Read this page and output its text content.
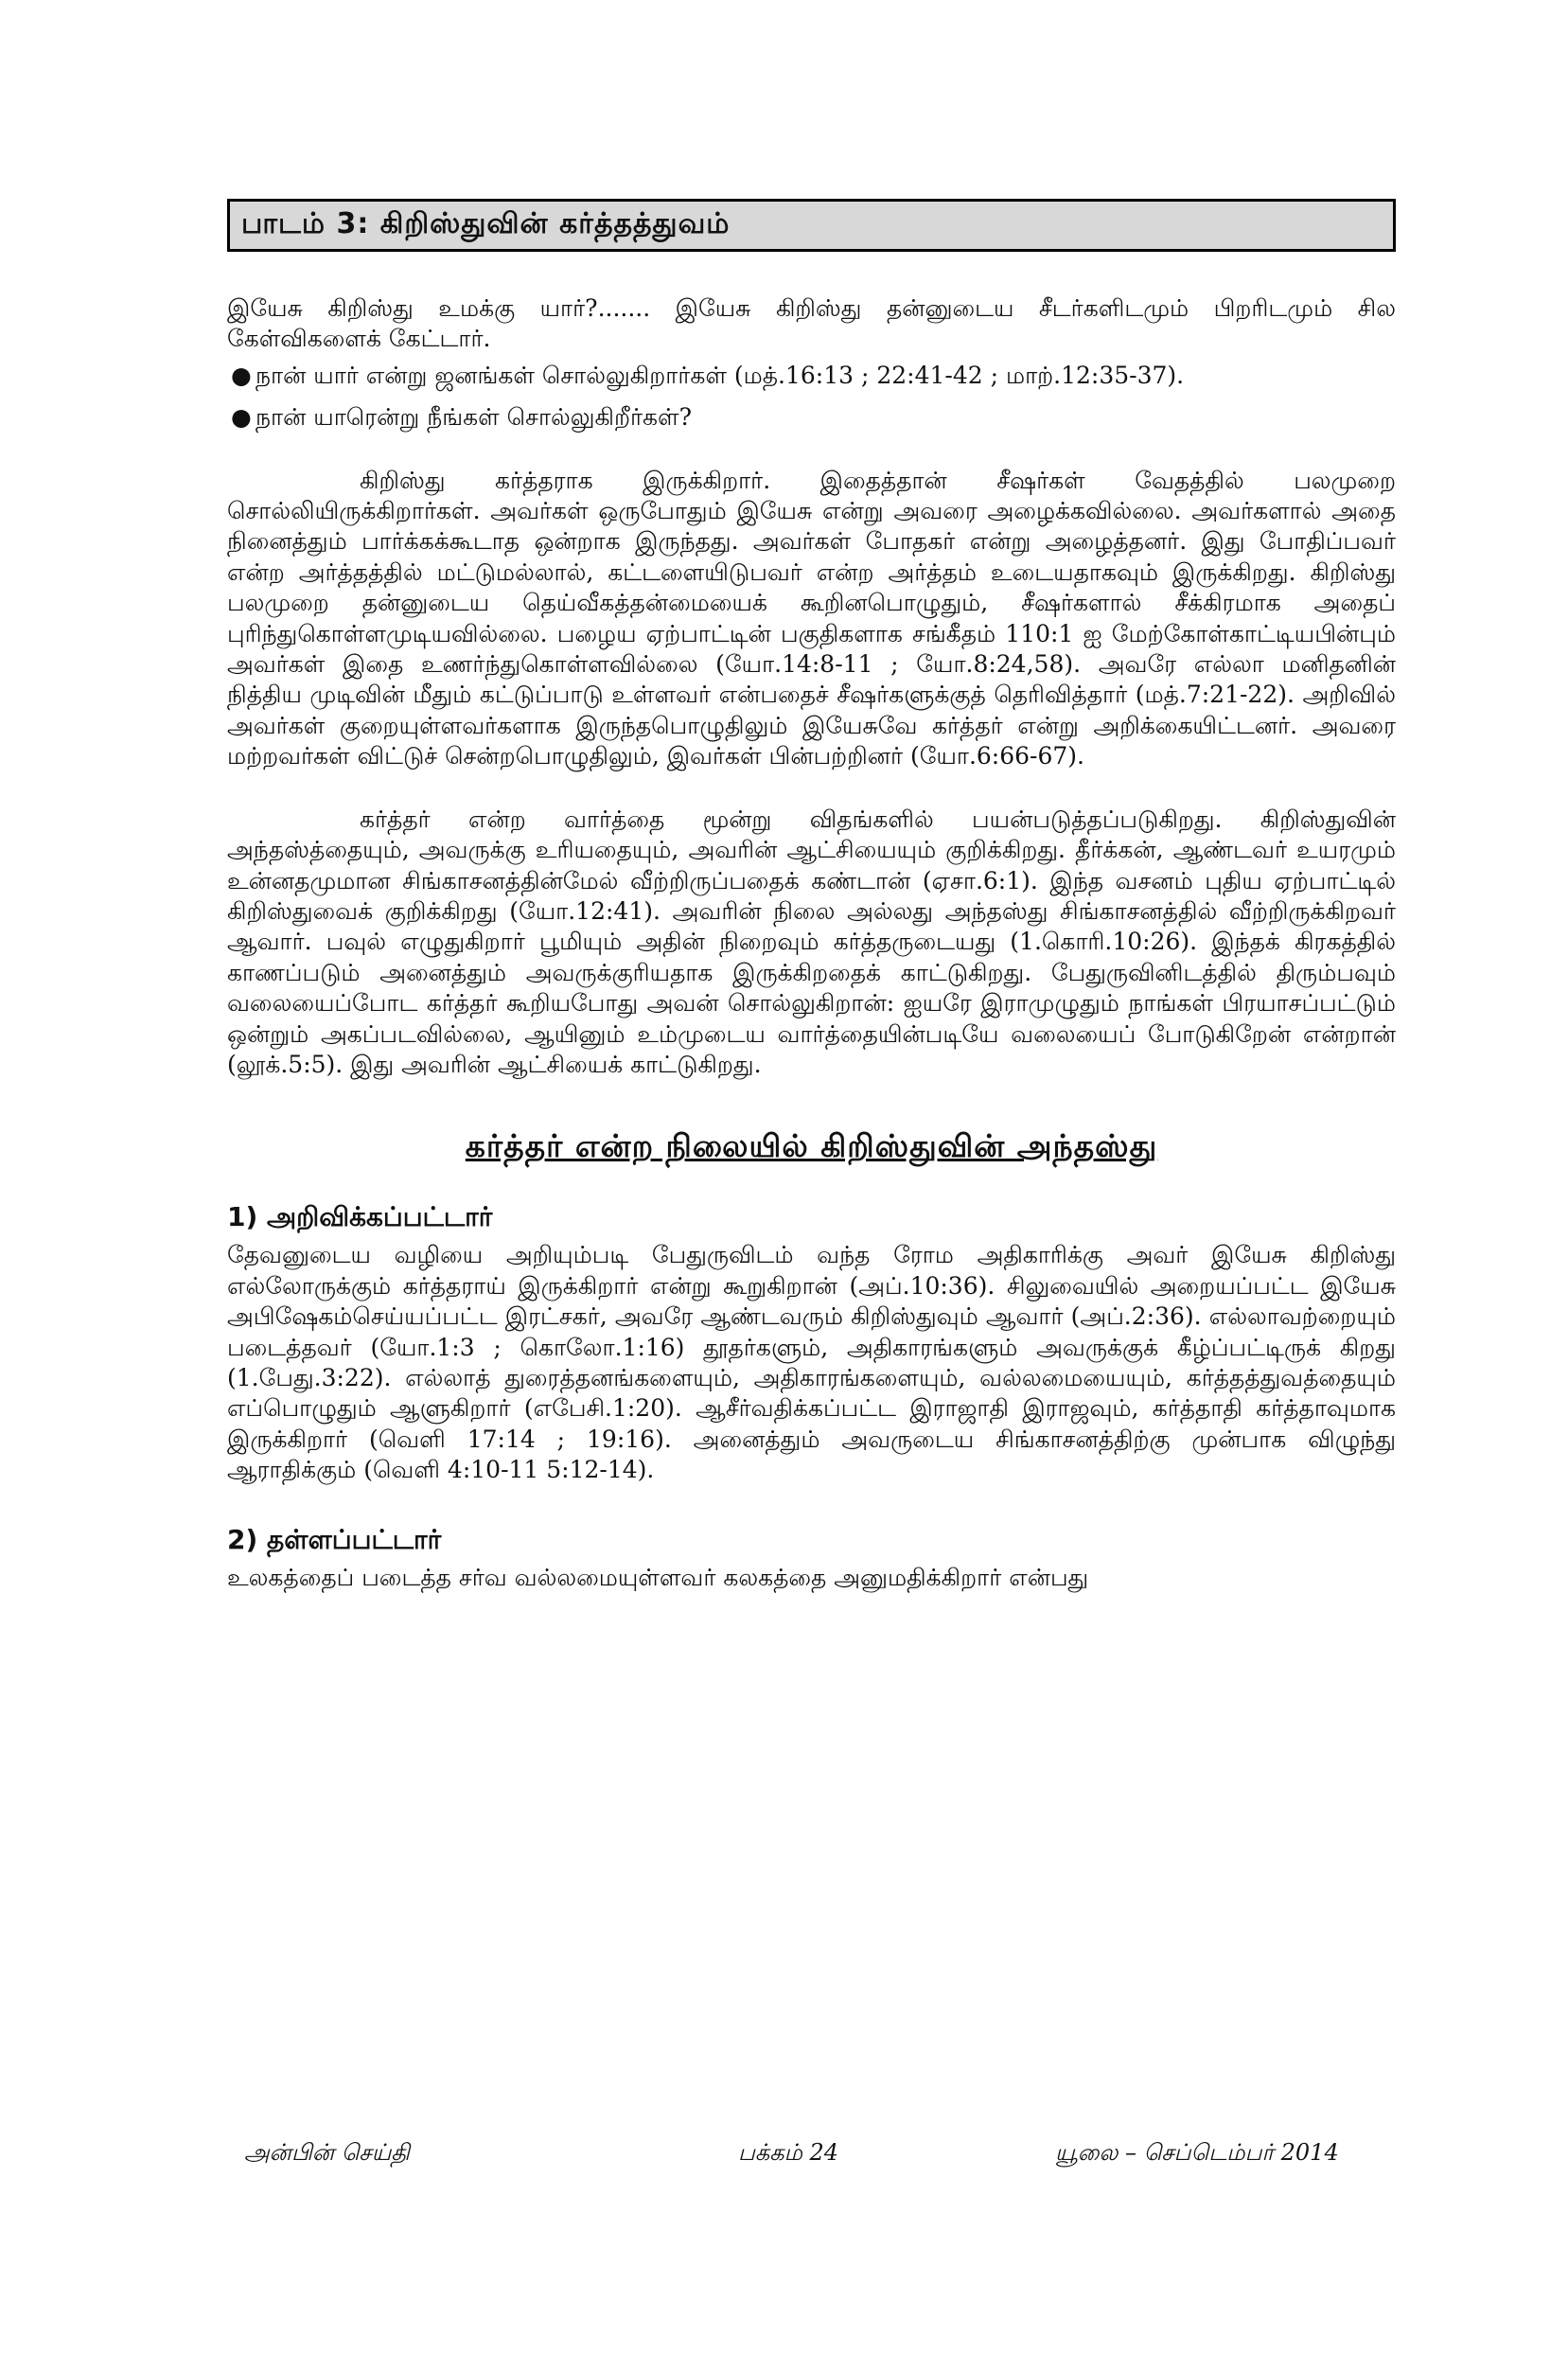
பாடம் 3: கிறிஸ்துவின் கர்த்தத்துவம்

இயேசு கிறிஸ்து உமக்கு யார்?....... இயேசு கிறிஸ்து தன்னுடைய சீடர்களிடமும் பிறரிடமும் சில கேள்விகளைக் கேட்டார்.

● நான் யார் என்று ஜனங்கள் சொல்லுகிறார்கள் (மத்.16:13 ; 22:41-42 ; மாற்.12:35-37).
● நான் யாரென்று நீங்கள் சொல்லுகிறீர்கள்?

கிறிஸ்து கர்த்தராக இருக்கிறார். இதைத்தான் சீஷர்கள் வேதத்தில் பலமுறை சொல்லியிருக்கிறார்கள். அவர்கள் ஒருபோதும் இயேசு என்று அவரை அழைக்கவில்லை. அவர்களால் அதை நினைத்தும் பார்க்கக்கூடாத ஒன்றாக இருந்தது. அவர்கள் போதகர் என்று அழைத்தனர். இது போதிப்பவர் என்ற அர்த்தத்தில் மட்டுமல்லால், கட்டளையிடுபவர் என்ற அர்த்தம் உடையதாகவும் இருக்கிறது. கிறிஸ்து பலமுறை தன்னுடைய தெய்வீகத்தன்மையைக் கூறினபொழுதும், சீஷர்களால் சீக்கிரமாக அதைப் புரிந்துகொள்ளமுடியவில்லை. பழைய ஏற்பாட்டின் பகுதிகளாக சங்கீதம் 110:1 ஐ மேற்கோள்காட்டியபின்பும் அவர்கள் இதை உணர்ந்துகொள்ளவில்லை (யோ.14:8-11 ; யோ.8:24,58). அவரே எல்லா மனிதனின் நித்திய முடிவின் மீதும் கட்டுப்பாடு உள்ளவர் என்பதைச் சீஷர்களுக்குத் தெரிவித்தார் (மத்.7:21-22). அறிவில் அவர்கள் குறையுள்ளவர்களாக இருந்தபொழுதிலும் இயேசுவே கர்த்தர் என்று அறிக்கையிட்டனர். அவரை மற்றவர்கள் விட்டுச் சென்றபொழுதிலும், இவர்கள் பின்பற்றினர் (யோ.6:66-67).

கர்த்தர் என்ற வார்த்தை மூன்று விதங்களில் பயன்படுத்தப்படுகிறது. கிறிஸ்துவின் அந்தஸ்த்தையும், அவருக்கு உரியதையும், அவரின் ஆட்சியையும் குறிக்கிறது. தீர்க்கன், ஆண்டவர் உயரமும் உன்னதமுமான சிங்காசனத்தின்மேல் வீற்றிருப்பதைக் கண்டான் (ஏசா.6:1). இந்த வசனம் புதிய ஏற்பாட்டில் கிறிஸ்துவைக் குறிக்கிறது (யோ.12:41). அவரின் நிலை அல்லது அந்தஸ்து சிங்காசனத்தில் வீற்றிருக்கிறவர் ஆவார். பவுல் எழுதுகிறார் பூமியும் அதின் நிறைவும் கர்த்தருடையது (1.கொரி.10:26). இந்தக் கிரகத்தில் காணப்படும் அனைத்தும் அவருக்குரியதாக இருக்கிறதைக் காட்டுகிறது. பேதுருவினிடத்தில் திரும்பவும் வலையைப்போட கர்த்தர் கூறியபோது அவன் சொல்லுகிறான்: ஐயரே இராமுழுதும் நாங்கள் பிரயாசப்பட்டும் ஒன்றும் அகப்படவில்லை, ஆயினும் உம்முடைய வார்த்தையின்படியே வலையைப் போடுகிறேன் என்றான் (லூக்.5:5). இது அவரின் ஆட்சியைக் காட்டுகிறது.

கர்த்தர் என்ற நிலையில் கிறிஸ்துவின் அந்தஸ்து
1) அறிவிக்கப்பட்டார்

தேவனுடைய வழியை அறியும்படி பேதுருவிடம் வந்த ரோம அதிகாரிக்கு அவர் இயேசு கிறிஸ்து எல்லோருக்கும் கர்த்தராய் இருக்கிறார் என்று கூறுகிறான் (அப்.10:36). சிலுவையில் அறையப்பட்ட இயேசு அபிஷேகம்செய்யப்பட்ட இரட்சகர், அவரே ஆண்டவரும் கிறிஸ்துவும் ஆவார் (அப்.2:36). எல்லாவற்றையும் படைத்தவர் (யோ.1:3 ; கொலோ.1:16) தூதர்களும், அதிகாரங்களும் அவருக்குக் கீழ்ப்பட்டிருக் கிறது (1.பேது.3:22). எல்லாத் துரைத்தனங்களையும், அதிகாரங்களையும், வல்லமையையும், கர்த்தத்துவத்தையும் எப்பொழுதும் ஆளுகிறார் (எபேசி.1:20). ஆசீர்வதிக்கப்பட்ட இராஜாதி இராஜவும், கர்த்தாதி கர்த்தாவுமாக இருக்கிறார் (வெளி 17:14 ; 19:16). அனைத்தும் அவருடைய சிங்காசனத்திற்கு முன்பாக விழுந்து ஆராதிக்கும் (வெளி 4:10-11 5:12-14).

2) தள்ளப்பட்டார்

உலகத்தைப் படைத்த சர்வ வல்லமையுள்ளவர் கலகத்தை அனுமதிக்கிறார் என்பது

அன்பின் செய்தி	பக்கம் 24	யூலை – செப்டெம்பர் 2014
